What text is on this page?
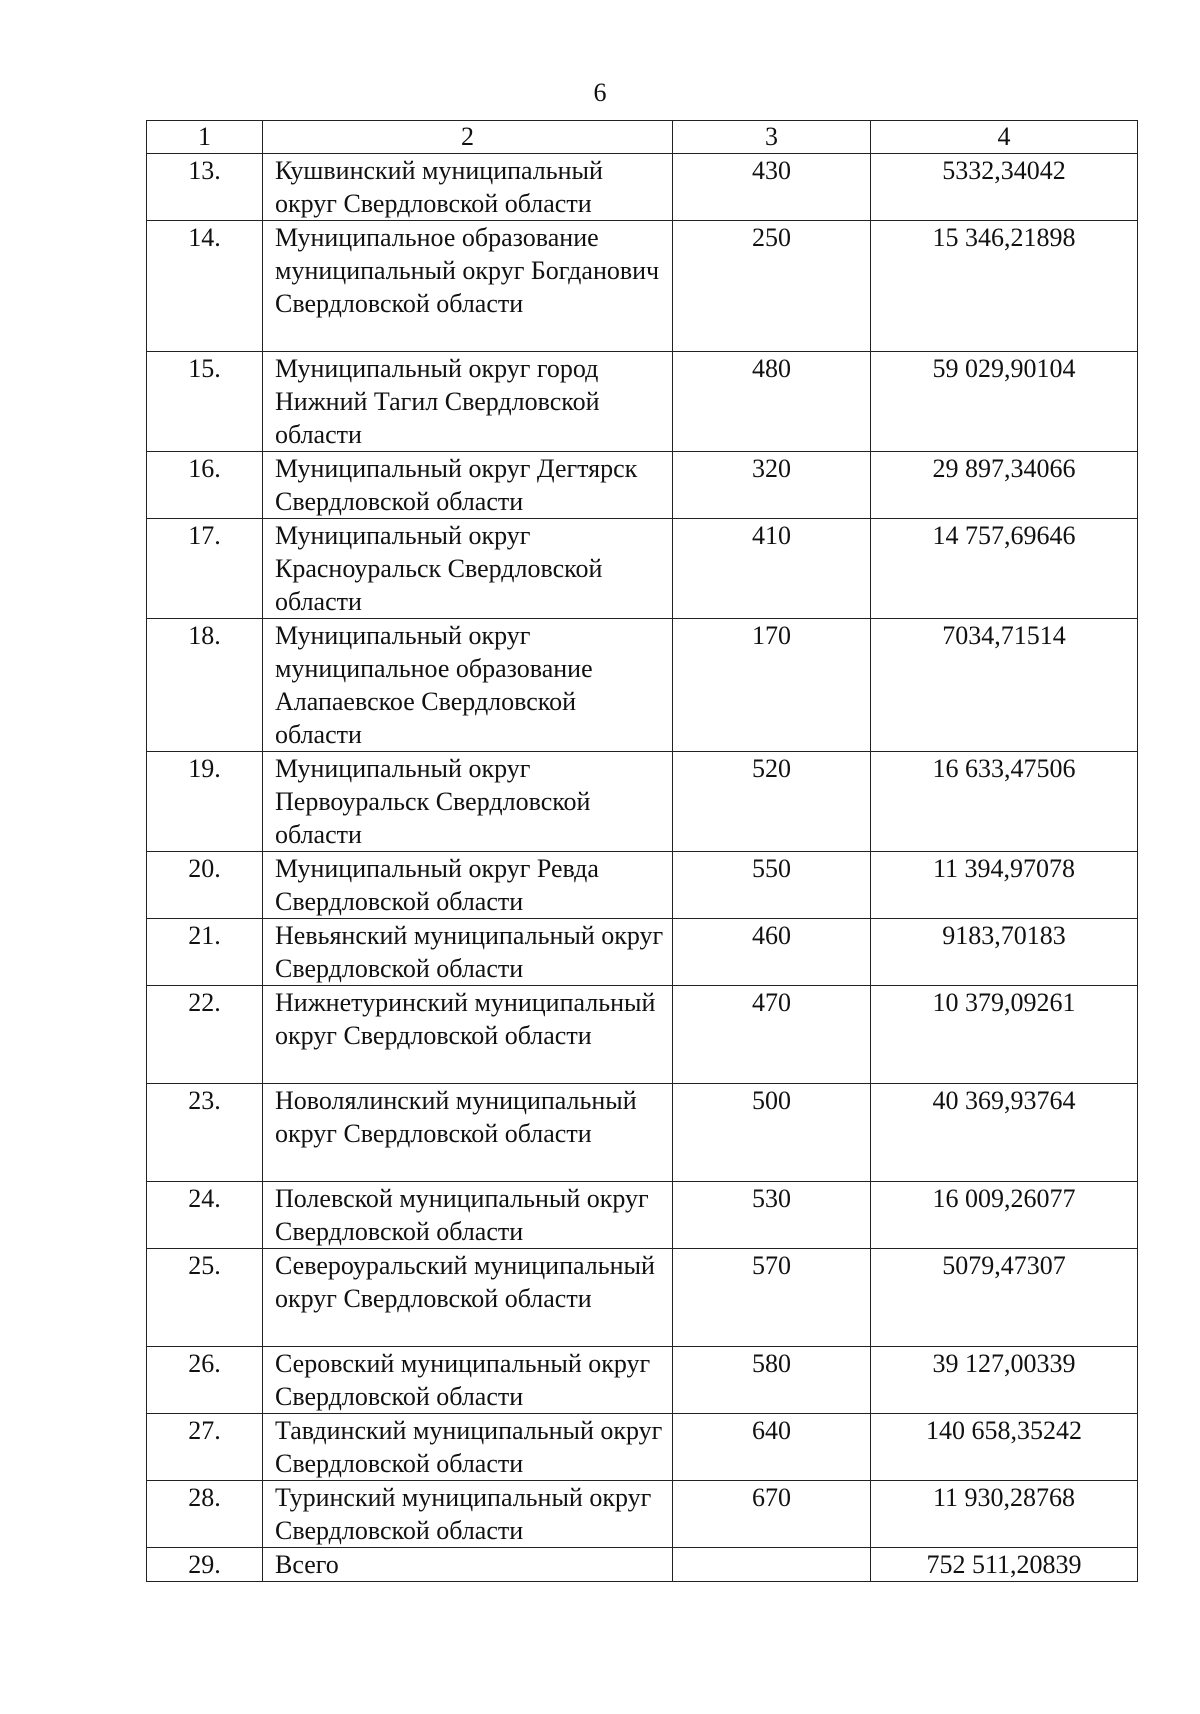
6
1	2	3	4
13.	Кушвинский муниципальный округ Свердловской области	430	5332,34042
14.	Муниципальное образование муниципальный округ Богданович Свердловской области	250	15 346,21898
15.	Муниципальный округ город Нижний Тагил Свердловской области	480	59 029,90104
16.	Муниципальный округ Дегтярск Свердловской области	320	29 897,34066
17.	Муниципальный округ Красноуральск Свердловской области	410	14 757,69646
18.	Муниципальный округ муниципальное образование Алапаевское Свердловской области	170	7034,71514
19.	Муниципальный округ Первоуральск Свердловской области	520	16 633,47506
20.	Муниципальный округ Ревда Свердловской области	550	11 394,97078
21.	Невьянский муниципальный округ Свердловской области	460	9183,70183
22.	Нижнетуринский муниципальный округ Свердловской области	470	10 379,09261
23.	Новолялинский муниципальный округ Свердловской области	500	40 369,93764
24.	Полевской муниципальный округ Свердловской области	530	16 009,26077
25.	Североуральский муниципальный округ Свердловской области	570	5079,47307
26.	Серовский муниципальный округ Свердловской области	580	39 127,00339
27.	Тавдинский муниципальный округ Свердловской области	640	140 658,35242
28.	Туринский муниципальный округ Свердловской области	670	11 930,28768
29.	Всего		752 511,20839
